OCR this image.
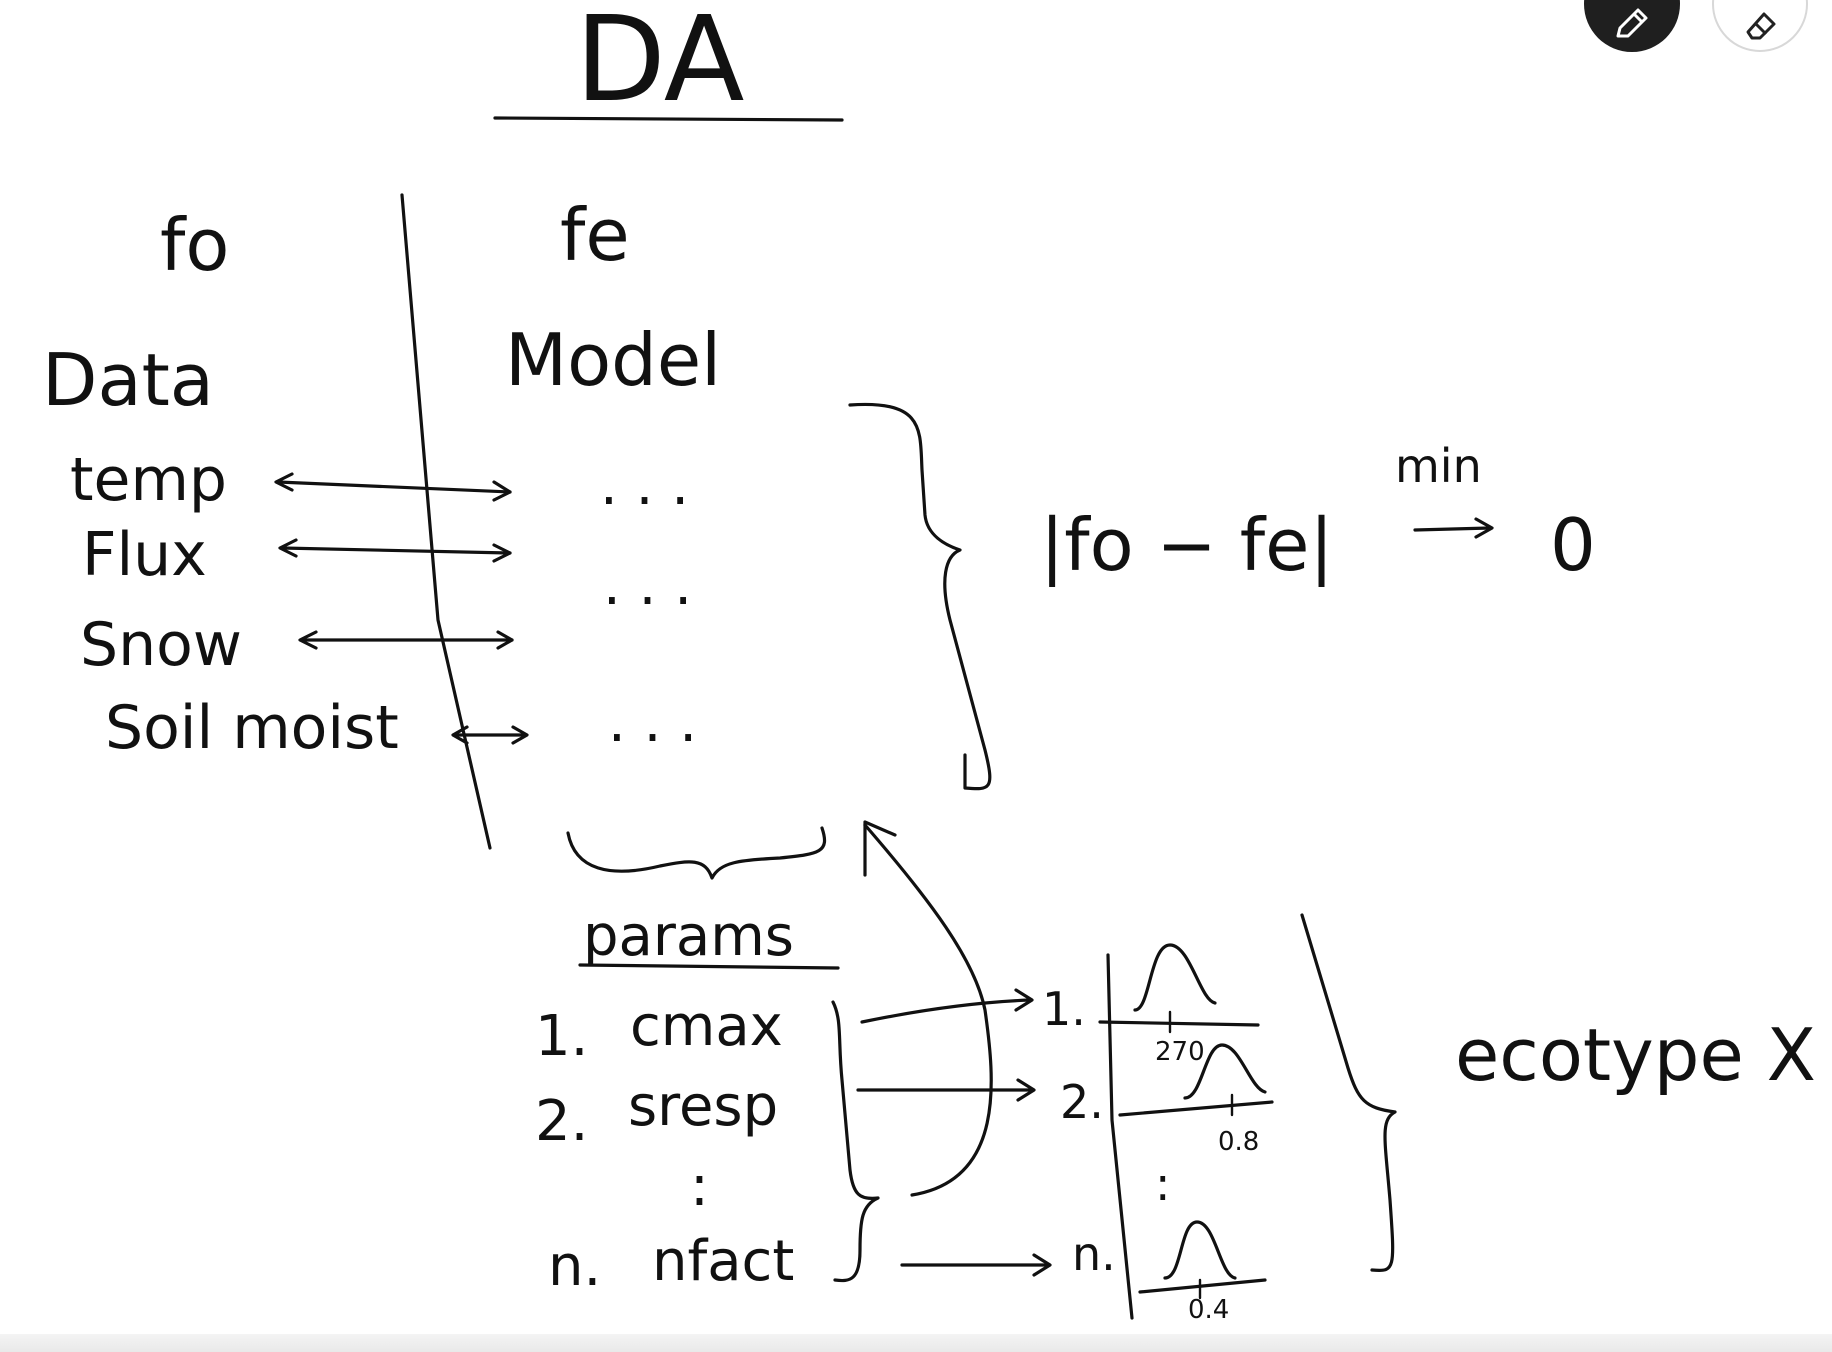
DA
fo	fe
Data	Model
temp
Flux
Snow
Soil moist
· · ·
· · ·
· · ·
|fo − fe|
min
0
params
1. cmax
2. sresp
:
n. nfact
1.
270
2.
0.8
:
n.
0.4
ecotype X
